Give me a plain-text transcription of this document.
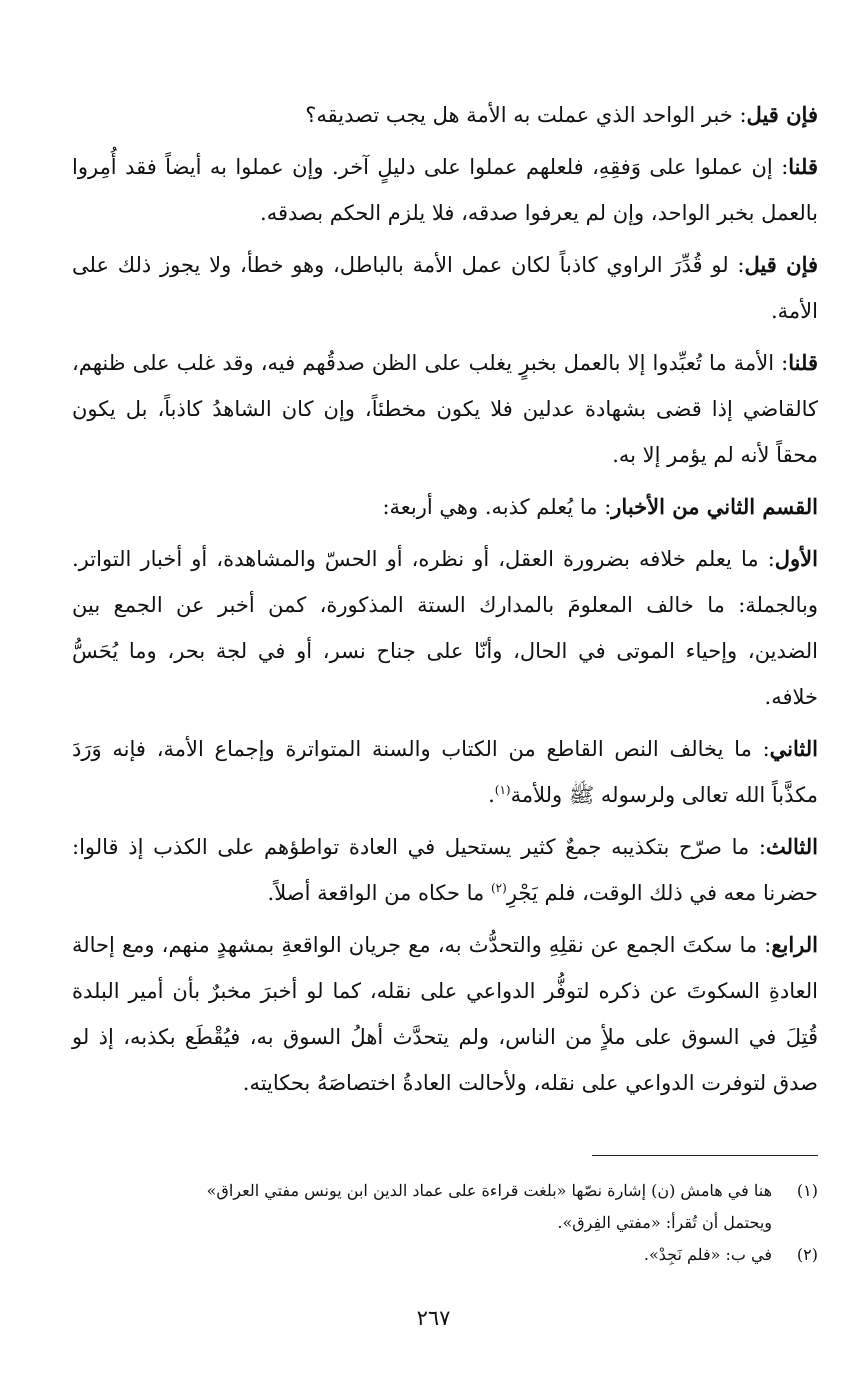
فإن قيل: خبر الواحد الذي عملت به الأمة هل يجب تصديقه؟

قلنا: إن عملوا على وَفقِهِ، فلعلهم عملوا على دليلٍ آخر. وإن عملوا به أيضاً فقد أُمِروا بالعمل بخبر الواحد، وإن لم يعرفوا صدقه، فلا يلزم الحكم بصدقه.

فإن قيل: لو قُدِّرَ الراوي كاذباً لكان عمل الأمة بالباطل، وهو خطأ، ولا يجوز ذلك على الأمة.

قلنا: الأمة ما تُعبِّدوا إلا بالعمل بخبرٍ يغلب على الظن صدقُهم فيه، وقد غلب على ظنهم، كالقاضي إذا قضى بشهادة عدلين فلا يكون مخطئاً، وإن كان الشاهدُ كاذباً، بل يكون محقاً لأنه لم يؤمر إلا به.

القسم الثاني من الأخبار: ما يُعلم كذبه. وهي أربعة:

الأول: ما يعلم خلافه بضرورة العقل، أو نظره، أو الحسّ والمشاهدة، أو أخبار التواتر. وبالجملة: ما خالف المعلومَ بالمدارك الستة المذكورة، كمن أخبر عن الجمع بين الضدين، وإحياء الموتى في الحال، وأنّا على جناح نسر، أو في لجة بحر، وما يُحَسُّ خلافه.

الثاني: ما يخالف النص القاطع من الكتاب والسنة المتواترة وإجماع الأمة، فإنه وَرَدَ مكذَّباً الله تعالى ولرسوله ﷺ وللأمة$^{(١)}$.

الثالث: ما صرّح بتكذيبه جمعٌ كثير يستحيل في العادة تواطؤهم على الكذب إذ قالوا: حضرنا معه في ذلك الوقت، فلم يَجْرِ$^{(٢)}$ ما حكاه من الواقعة أصلاً.

الرابع: ما سكتَ الجمع عن نقلِهِ والتحدُّث به، مع جريان الواقعةِ بمشهدٍ منهم، ومع إحالة العادةِ السكوتَ عن ذكره لتوفُّر الدواعي على نقله، كما لو أخبرَ مخبرٌ بأن أمير البلدة قُتِلَ في السوق على ملأٍ من الناس، ولم يتحدَّث أهلُ السوق به، فيُقْطَع بكذبه، إذ لو صدق لتوفرت الدواعي على نقله، ولأحالت العادةُ اختصاصَهُ بحكايته.

(١)
هنا في هامش (ن) إشارة نصّها «بلغت قراءة على عماد الدين ابن يونس مفتي العراق»
ويحتمل أن تُقرأ: «مفتي الفِرق».
(٢)
في ب: «فلم نَجِدْ».
٢٦٧
